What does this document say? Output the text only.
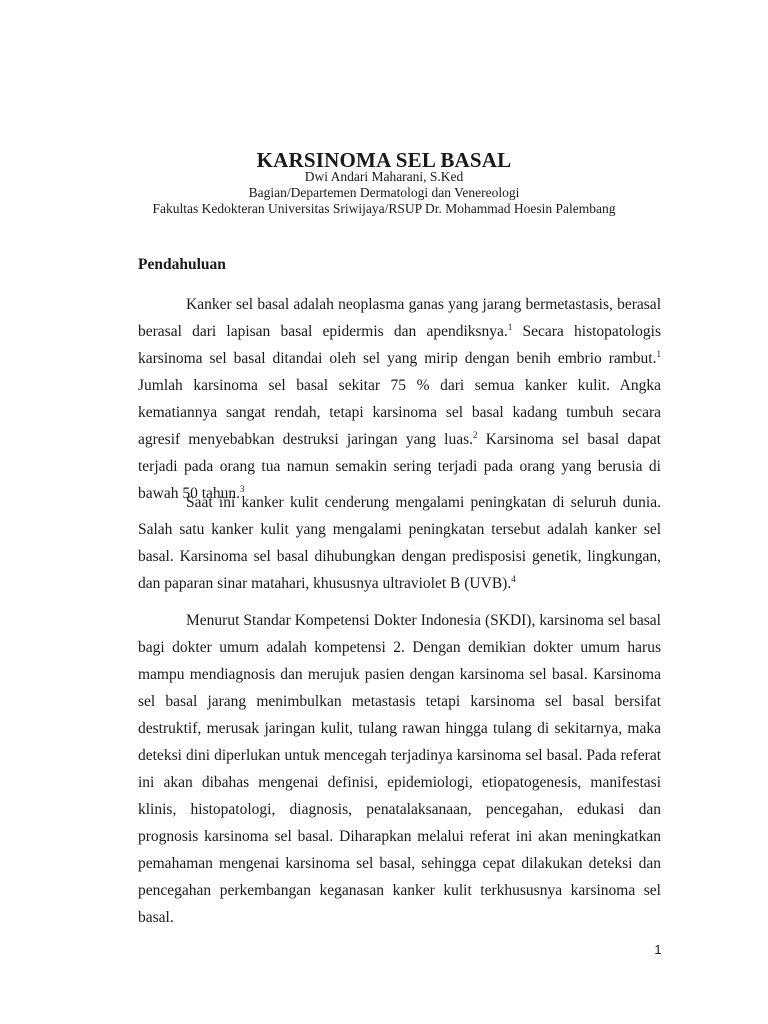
KARSINOMA SEL BASAL
Dwi Andari Maharani, S.Ked
Bagian/Departemen Dermatologi dan Venereologi
Fakultas Kedokteran Universitas Sriwijaya/RSUP Dr. Mohammad Hoesin Palembang
Pendahuluan

Kanker sel basal adalah neoplasma ganas yang jarang bermetastasis, berasal berasal dari lapisan basal epidermis dan apendiksnya.$^1$ Secara histopatologis karsinoma sel basal ditandai oleh sel yang mirip dengan benih embrio rambut.$^1$ Jumlah karsinoma sel basal sekitar 75 % dari semua kanker kulit. Angka kematiannya sangat rendah, tetapi karsinoma sel basal kadang tumbuh secara agresif menyebabkan destruksi jaringan yang luas.$^2$ Karsinoma sel basal dapat terjadi pada orang tua namun semakin sering terjadi pada orang yang berusia di bawah 50 tahun.$^3$

Saat ini kanker kulit cenderung mengalami peningkatan di seluruh dunia. Salah satu kanker kulit yang mengalami peningkatan tersebut adalah kanker sel basal. Karsinoma sel basal dihubungkan dengan predisposisi genetik, lingkungan, dan paparan sinar matahari, khususnya ultraviolet B (UVB).$^4$

Menurut Standar Kompetensi Dokter Indonesia (SKDI), karsinoma sel basal bagi dokter umum adalah kompetensi 2. Dengan demikian dokter umum harus mampu mendiagnosis dan merujuk pasien dengan karsinoma sel basal. Karsinoma sel basal jarang menimbulkan metastasis tetapi karsinoma sel basal bersifat destruktif, merusak jaringan kulit, tulang rawan hingga tulang di sekitarnya, maka deteksi dini diperlukan untuk mencegah terjadinya karsinoma sel basal. Pada referat ini akan dibahas mengenai definisi, epidemiologi, etiopatogenesis, manifestasi klinis, histopatologi, diagnosis, penatalaksanaan, pencegahan, edukasi dan prognosis karsinoma sel basal. Diharapkan melalui referat ini akan meningkatkan pemahaman mengenai karsinoma sel basal, sehingga cepat dilakukan deteksi dan pencegahan perkembangan keganasan kanker kulit terkhususnya karsinoma sel basal.

1
